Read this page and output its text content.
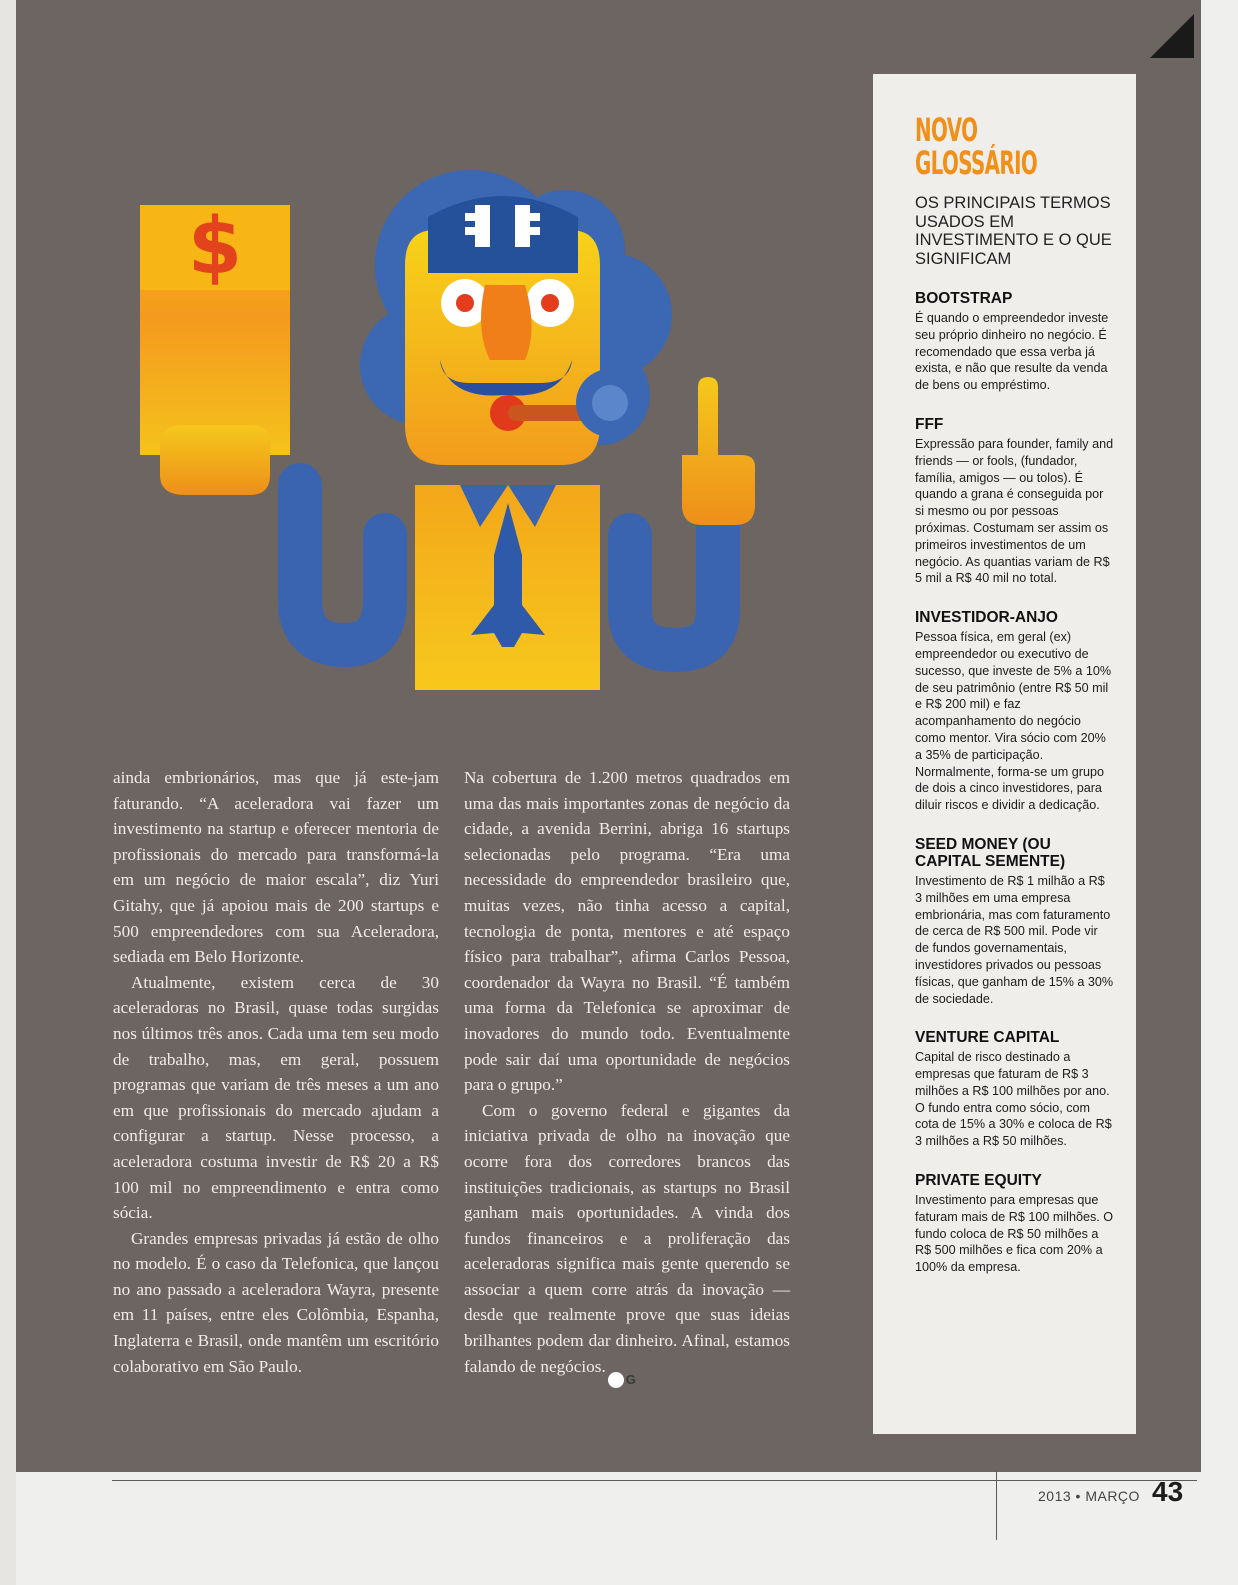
$

ainda embrionários, mas que já este-jam faturando. “A aceleradora vai fazer um investimento na startup e oferecer mentoria de profissionais do mercado para transformá-la em um negócio de maior escala”, diz Yuri Gitahy, que já apoiou mais de 200 startups e 500 empreendedores com sua Aceleradora, sediada em Belo Horizonte.

Atualmente, existem cerca de 30 aceleradoras no Brasil, quase todas surgidas nos últimos três anos. Cada uma tem seu modo de trabalho, mas, em geral, possuem programas que variam de três meses a um ano em que profissionais do mercado ajudam a configurar a startup. Nesse processo, a aceleradora costuma investir de R$ 20 a R$ 100 mil no empreendimento e entra como sócia.

Grandes empresas privadas já estão de olho no modelo. É o caso da Telefonica, que lançou no ano passado a aceleradora Wayra, presente em 11 países, entre eles Colômbia, Espanha, Inglaterra e Brasil, onde mantêm um escritório colaborativo em São Paulo.

Na cobertura de 1.200 metros quadrados em uma das mais importantes zonas de negócio da cidade, a avenida Berrini, abriga 16 startups selecionadas pelo programa. “Era uma necessidade do empreendedor brasileiro que, muitas vezes, não tinha acesso a capital, tecnologia de ponta, mentores e até espaço físico para trabalhar”, afirma Carlos Pessoa, coordenador da Wayra no Brasil. “É também uma forma da Telefonica se aproximar de inovadores do mundo todo. Eventualmente pode sair daí uma oportunidade de negócios para o grupo.”

Com o governo federal e gigantes da iniciativa privada de olho na inovação que ocorre fora dos corredores brancos das instituições tradicionais, as startups no Brasil ganham mais oportunidades. A vinda dos fundos financeiros e a proliferação das aceleradoras significa mais gente querendo se associar a quem corre atrás da inovação — desde que realmente prove que suas ideias brilhantes podem dar dinheiro. Afinal, estamos falando de negócios.G

NOVO
GLOSSÁRIO
OS PRINCIPAIS TERMOS USADOS EM INVESTIMENTO E O QUE SIGNIFICAM
BOOTSTRAP
É quando o empreendedor investe seu próprio dinheiro no negócio. É recomendado que essa verba já exista, e não que resulte da venda de bens ou empréstimo.
FFF
Expressão para founder, family and friends — or fools, (fundador, família, amigos — ou tolos). É quando a grana é conseguida por si mesmo ou por pessoas próximas. Costumam ser assim os primeiros investimentos de um negócio. As quantias variam de R$ 5 mil a R$ 40 mil no total.
INVESTIDOR-ANJO
Pessoa física, em geral (ex) empreendedor ou executivo de sucesso, que investe de 5% a 10% de seu patrimônio (entre R$ 50 mil e R$ 200 mil) e faz acompanhamento do negócio como mentor. Vira sócio com 20% a 35% de participação. Normalmente, forma-se um grupo de dois a cinco investidores, para diluir riscos e dividir a dedicação.
SEED MONEY (OU CAPITAL SEMENTE)
Investimento de R$ 1 milhão a R$ 3 milhões em uma empresa embrionária, mas com faturamento de cerca de R$ 500 mil. Pode vir de fundos governamentais, investidores privados ou pessoas físicas, que ganham de 15% a 30% de sociedade.
VENTURE CAPITAL
Capital de risco destinado a empresas que faturam de R$ 3 milhões a R$ 100 milhões por ano. O fundo entra como sócio, com cota de 15% a 30% e coloca de R$ 3 milhões a R$ 50 milhões.
PRIVATE EQUITY
Investimento para empresas que faturam mais de R$ 100 milhões. O fundo coloca de R$ 50 milhões a R$ 500 milhões e fica com 20% a 100% da empresa.
2013 • MARÇO 43
